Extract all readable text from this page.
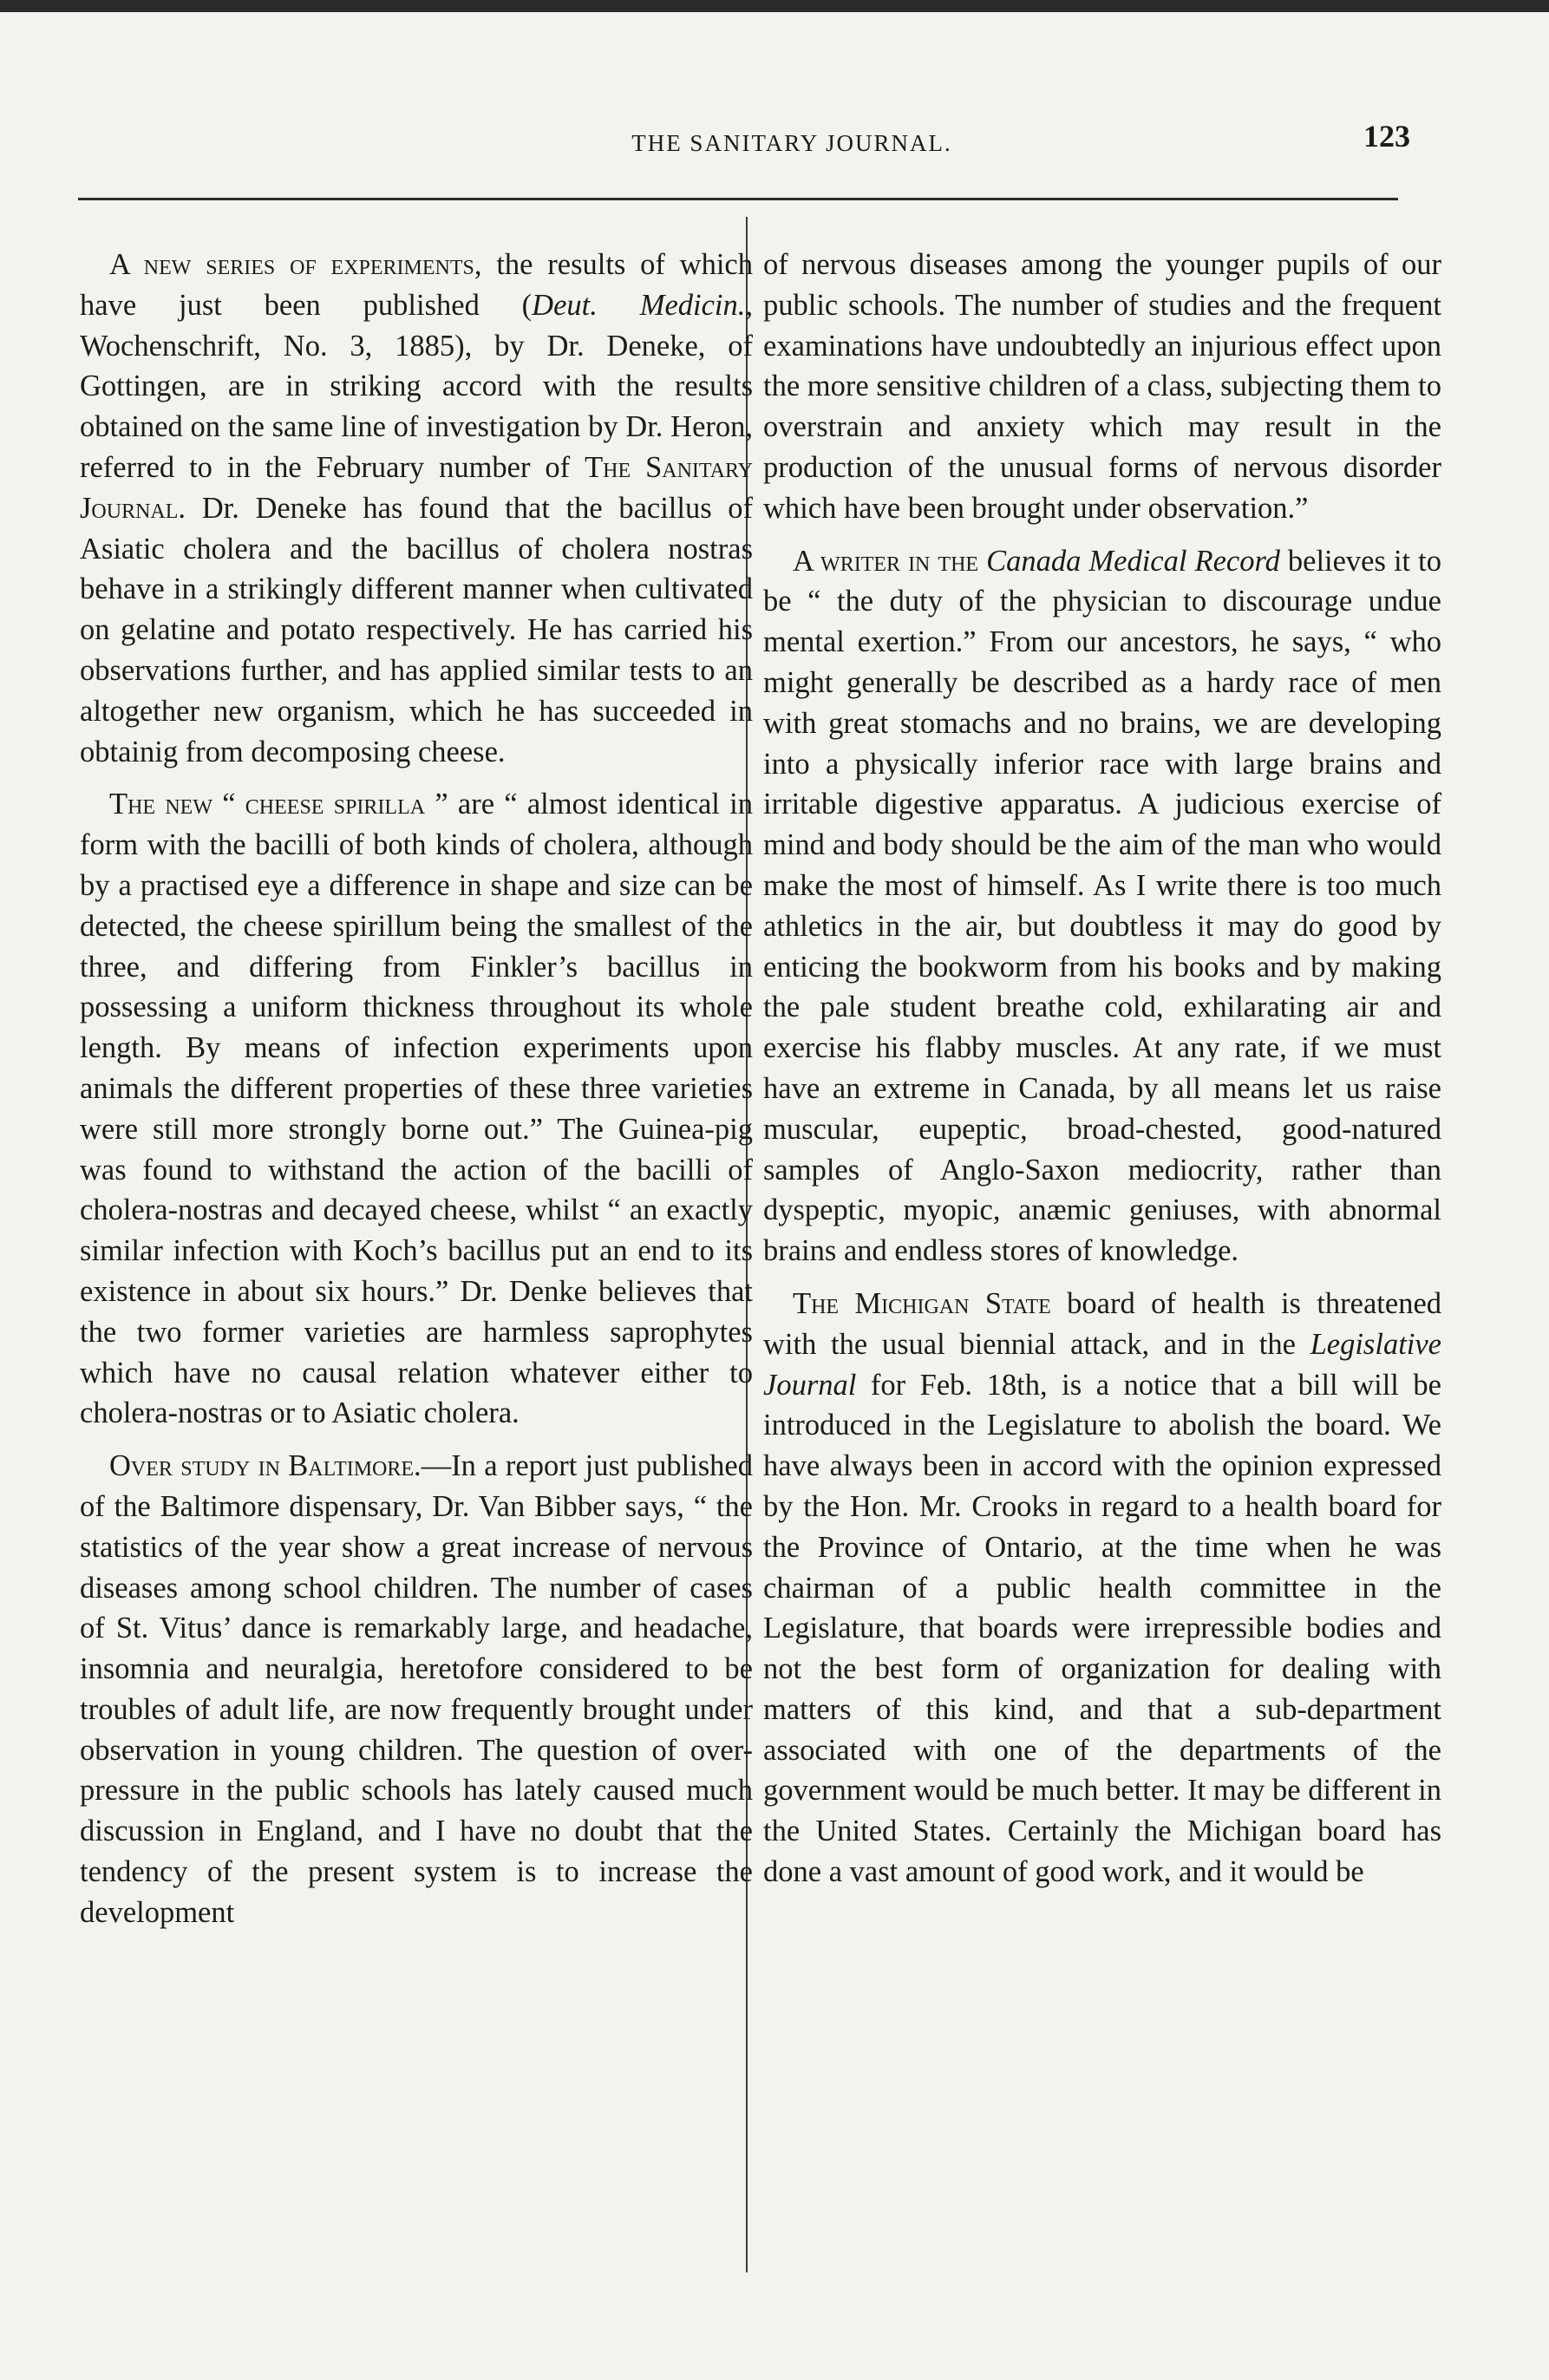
THE SANITARY JOURNAL.	123

A new series of experiments, the results of which have just been published (Deut. Medicin., Wochenschrift, No. 3, 1885), by Dr. Deneke, of Gottingen, are in striking accord with the results obtained on the same line of investigation by Dr. Heron, referred to in the February number of The Sanitary Journal. Dr. Deneke has found that the bacillus of Asiatic cholera and the bacillus of cholera nostras behave in a strikingly different manner when cultivated on gelatine and potato respectively. He has carried his observations further, and has applied similar tests to an altogether new organism, which he has succeeded in obtainig from decomposing cheese.

The new “ cheese spirilla ” are “ almost identical in form with the bacilli of both kinds of cholera, although by a practised eye a difference in shape and size can be detected, the cheese spirillum being the smallest of the three, and differing from Finkler’s bacillus in possessing a uniform thickness throughout its whole length. By means of infection experiments upon animals the different properties of these three varieties were still more strongly borne out.” The Guinea-pig was found to withstand the action of the bacilli of cholera-nostras and decayed cheese, whilst “ an exactly similar infection with Koch’s bacillus put an end to its existence in about six hours.” Dr. Denke believes that the two former varieties are harmless saprophytes which have no causal relation whatever either to cholera-nostras or to Asiatic cholera.

Over study in Baltimore.—In a report just published of the Baltimore dispensary, Dr. Van Bibber says, “ the statistics of the year show a great increase of nervous diseases among school children. The number of cases of St. Vitus’ dance is remarkably large, and headache, insomnia and neuralgia, heretofore considered to be troubles of adult life, are now frequently brought under observation in young children. The question of over-pressure in the public schools has lately caused much discussion in England, and I have no doubt that the tendency of the present system is to increase the development

of nervous diseases among the younger pupils of our public schools. The number of studies and the frequent examinations have undoubtedly an injurious effect upon the more sensitive children of a class, subjecting them to overstrain and anxiety which may result in the production of the unusual forms of nervous disorder which have been brought under observation.”

A writer in the Canada Medical Record believes it to be “ the duty of the physician to discourage undue mental exertion.” From our ancestors, he says, “ who might generally be described as a hardy race of men with great stomachs and no brains, we are developing into a physically inferior race with large brains and irritable digestive apparatus. A judicious exercise of mind and body should be the aim of the man who would make the most of himself. As I write there is too much athletics in the air, but doubtless it may do good by enticing the bookworm from his books and by making the pale student breathe cold, exhilarating air and exercise his flabby muscles. At any rate, if we must have an extreme in Canada, by all means let us raise muscular, eupeptic, broad-chested, good-natured samples of Anglo-Saxon mediocrity, rather than dyspeptic, myopic, anæmic geniuses, with abnormal brains and endless stores of knowledge.

The Michigan State board of health is threatened with the usual biennial attack, and in the Legislative Journal for Feb. 18th, is a notice that a bill will be introduced in the Legislature to abolish the board. We have always been in accord with the opinion expressed by the Hon. Mr. Crooks in regard to a health board for the Province of Ontario, at the time when he was chairman of a public health committee in the Legislature, that boards were irrepressible bodies and not the best form of organization for dealing with matters of this kind, and that a sub-department associated with one of the departments of the government would be much better. It may be different in the United States. Certainly the Michigan board has done a vast amount of good work, and it would be
